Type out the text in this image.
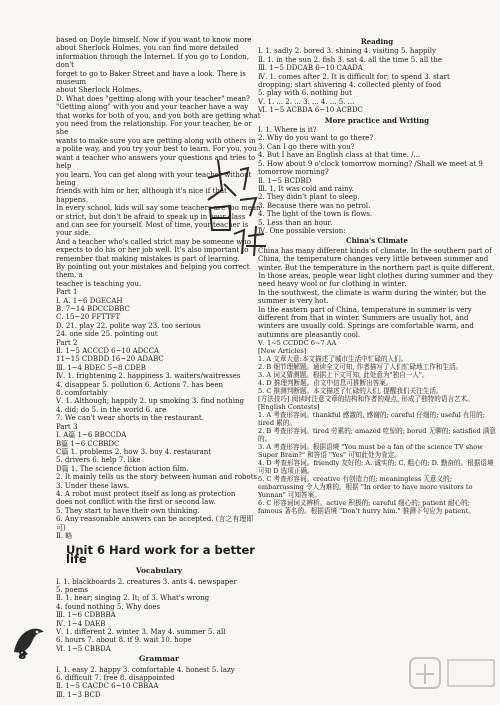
based on Doyle himself. Now if you want to know more

about Sherlock Holmes, you can find more detailed

information through the Internet. If you go to London, don't

forget to go to Baker Street and have a look. There is museum

about Sherlock Holmes.

D. What does "getting along with your teacher" mean?

"Getting along" with you and your teacher have a way

that works for both of you, and you both are getting what

you need from the relationship. For your teacher, he or she

wants to make sure you are getting along with others in

a polite way, and you try your best to learn. For you, you

want a teacher who answers your questions and tries to help

you learn. You can get along with your teacher without being

friends with him or her, although it's nice if that

happens.

In every school, kids will say some teachers are too mean

or strict, but don't be afraid to speak up in your class

and can see for yourself. Most of time, your teacher is

your side.

And a teacher who's called strict may be someone who

expects to do his or her job well. It's also important to

remember that making mistakes is part of learning.

By pointing out your mistakes and helping you correct them, a

teacher is teaching you.

Part 1

Ⅰ. A. 1~6 DGECAH

B. 7~14 BDCCDBBC

C. 15~20 FFTTFT

D. 21. play 22. polite way 23. too serious

24. one side 25. pointing out

Part 2

Ⅱ. 1~5 ACCCD 6~10 ADCCA

11~15 CDBDD 16~20 ADABC

Ⅲ. 1~4 BDEC 5~8 CDEB

Ⅳ. 1. frightening 2. happiness 3. waiters/waitresses

4. disappear 5. pollution 6. Actions 7. has been

8. comfortably

Ⅴ. 1. Although; happily 2. up smoking 3. find nothing

4. did; do 5. in the world 6. are

7. We can't wear shorts in the restaurant.

Part 3

Ⅰ. A篇 1~6 BBCCDA

B篇 1~6 CCBBDC

C篇 1. problems 2. how 3. buy 4. restaurant

5. drivers 6. help 7. like

D篇 1. The science fiction action film.

2. It mainly tells us the story between human and robots.

3. Under these laws.

4. A robot must protect itself as long as protection

does not conflict with the first or second law.

5. They start to have their own thinking.

6. Any reasonable answers can be accepted. (言之有理即可)

Ⅱ. 略

Unit 6 Hard work for a better life
Vocabulary

Ⅰ. 1. blackboards 2. creatures 3. ants 4. newspaper

5. poems

Ⅱ. 1. hear; singing 2. It; of 3. What's wrong

4. found nothing 5. Why does

Ⅲ. 1~6 CDBBBA

Ⅳ. 1~4 DAEB

Ⅴ. 1. different 2. winter 3. May 4. summer 5. all

6. hours 7. about 8. if 9. wait 10. hope

Ⅵ. 1~5 CBBDA

Grammar

Ⅰ. 1. easy 2. happy 3. comfortable 4. honest 5. lazy

6. difficult 7. free 8. disappointed

Ⅱ. 1~5 CACDC 6~10 CBBAA

Ⅲ. 1~3 BCD

Reading

Ⅰ. 1. sadly 2. bored 3. shining 4. visiting 5. happily

Ⅱ. 1. in the sun 2. fish 3. sat 4. all the time 5. all the

Ⅲ. 1~5 DDCAB 6~10 CAADA

Ⅳ. 1. comes after 2. It is difficult for; to spend 3. start

dropping; start shivering 4. collected plenty of food

5. play with 6. nothing but

Ⅴ. 1. ... 2. ... 3. ... 4. ... 5. ...

Ⅵ. 1~5 ACBDA 6~10 ACBDC

More practice and Writing

Ⅰ. 1. Where is it?

2. Why do you want to go there?

3. Can I go there with you?

4. But I have an English class at that time. /...

5. How about 9 o'clock tomorrow morning? /Shall we meet at 9

tomorrow morning?

Ⅱ. 1~5 BCDBD

Ⅲ. 1. It was cold and rainy.

2. They didn't plant to sleep.

3. Because there was no petrol.

4. The light of the town is flows.

5. Less than an hour.

Ⅳ. One possible version:

China's Climate

China has many different kinds of climate. In the southern part of China, the temperature changes very little between summer and winter. But the temperature in the northern part is quite different. In those areas, people wear light clothes during summer and they need heavy wool or fur clothing in winter.

In the southwest, the climate is warm during the winter, but the summer is very hot.

In the eastern part of China, temperature in summer is very different from that in winter. Summers are usually hot, and winters are usually cold. Springs are comfortable warm, and autumns are pleasantly cool.

Ⅴ. 1~5 CCDDC 6~7 AA

[New Articles]

1. A 文章大意:本文描述了城市生活中忙碌的人们。

2. B 细节理解题。通读全文可知, 作者描写了人们忙碌地工作和生活。

3. A 词义猜测题。根据上下文可知, 此处意为"独自一人"。

4. D 推理判断题。由文中信息可推断出答案。

5. C 推测判断题。本文描述了忙碌的人们, 提醒我们关注生活。

[方法技巧] 阅读时注意文章的结构和作者的观点, 形成了独特的语言艺术。

[English Contests]

1. A 考查形容词。thankful 感激的, 感谢的; careful 仔细的; useful 有用的; tired 累的。

2. B 考查形容词。tired 劳累的; amazed 吃惊的; bored 无聊的; satisfied 满意的。

3. A 考查形容词。根据语境 "You must be a fan of the science TV show Super Brain?" 和答语 "Yes" 可知此处为肯定。

4. D 考查形容词。friendly 友好的; A. 诚实的; C. 粗心的; D. 勤奋的。根据语境可知 D 选项正确。

5. C 考查形容词。creative 有创造力的; meaningless 无意义的; embarrassing 令人为难的。根据 "In order to have more visitors to Yunnan" 可知答案。

6. C 形容词词义辨析。active 积极的; careful 细心的; patient 耐心的; famous 著名的。根据语境 "Don't hurry him." 推测下句应为 patient。

8
